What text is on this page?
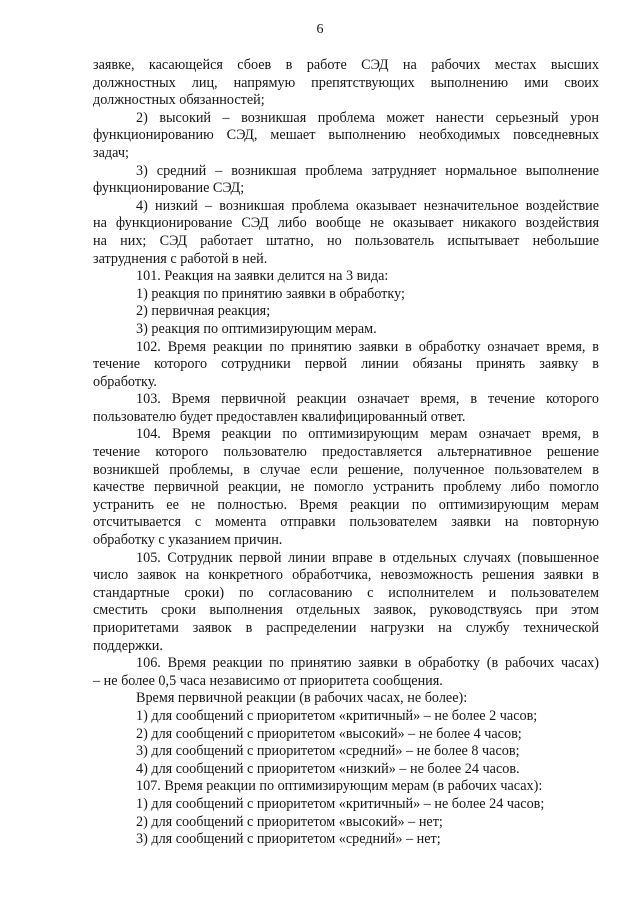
6
заявке, касающейся сбоев в работе СЭД на рабочих местах высших
должностных лиц, напрямую препятствующих выполнению ими своих
должностных обязанностей;
2) высокий – возникшая проблема может нанести серьезный урон
функционированию СЭД, мешает выполнению необходимых повседневных
задач;
3) средний – возникшая проблема затрудняет нормальное выполнение
функционирование СЭД;
4) низкий – возникшая проблема оказывает незначительное воздействие
на функционирование СЭД либо вообще не оказывает никакого воздействия
на них; СЭД работает штатно, но пользователь испытывает небольшие
затруднения с работой в ней.
101. Реакция на заявки делится на 3 вида:
1) реакция по принятию заявки в обработку;
2) первичная реакция;
3) реакция по оптимизирующим мерам.
102. Время реакции по принятию заявки в обработку означает время, в
течение которого сотрудники первой линии обязаны принять заявку в
обработку.
103. Время первичной реакции означает время, в течение которого
пользователю будет предоставлен квалифицированный ответ.
104. Время реакции по оптимизирующим мерам означает время, в
течение которого пользователю предоставляется альтернативное решение
возникшей проблемы, в случае если решение, полученное пользователем в
качестве первичной реакции, не помогло устранить проблему либо помогло
устранить ее не полностью. Время реакции по оптимизирующим мерам
отсчитывается с момента отправки пользователем заявки на повторную
обработку с указанием причин.
105. Сотрудник первой линии вправе в отдельных случаях (повышенное
число заявок на конкретного обработчика, невозможность решения заявки в
стандартные сроки) по согласованию с исполнителем и пользователем
сместить сроки выполнения отдельных заявок, руководствуясь при этом
приоритетами заявок в распределении нагрузки на службу технической
поддержки.
106. Время реакции по принятию заявки в обработку (в рабочих часах)
– не более 0,5 часа независимо от приоритета сообщения.
Время первичной реакции (в рабочих часах, не более):
1) для сообщений с приоритетом «критичный» – не более 2 часов;
2) для сообщений с приоритетом «высокий» – не более 4 часов;
3) для сообщений с приоритетом «средний» – не более 8 часов;
4) для сообщений с приоритетом «низкий» – не более 24 часов.
107. Время реакции по оптимизирующим мерам (в рабочих часах):
1) для сообщений с приоритетом «критичный» – не более 24 часов;
2) для сообщений с приоритетом «высокий» – нет;
3) для сообщений с приоритетом «средний» – нет;
